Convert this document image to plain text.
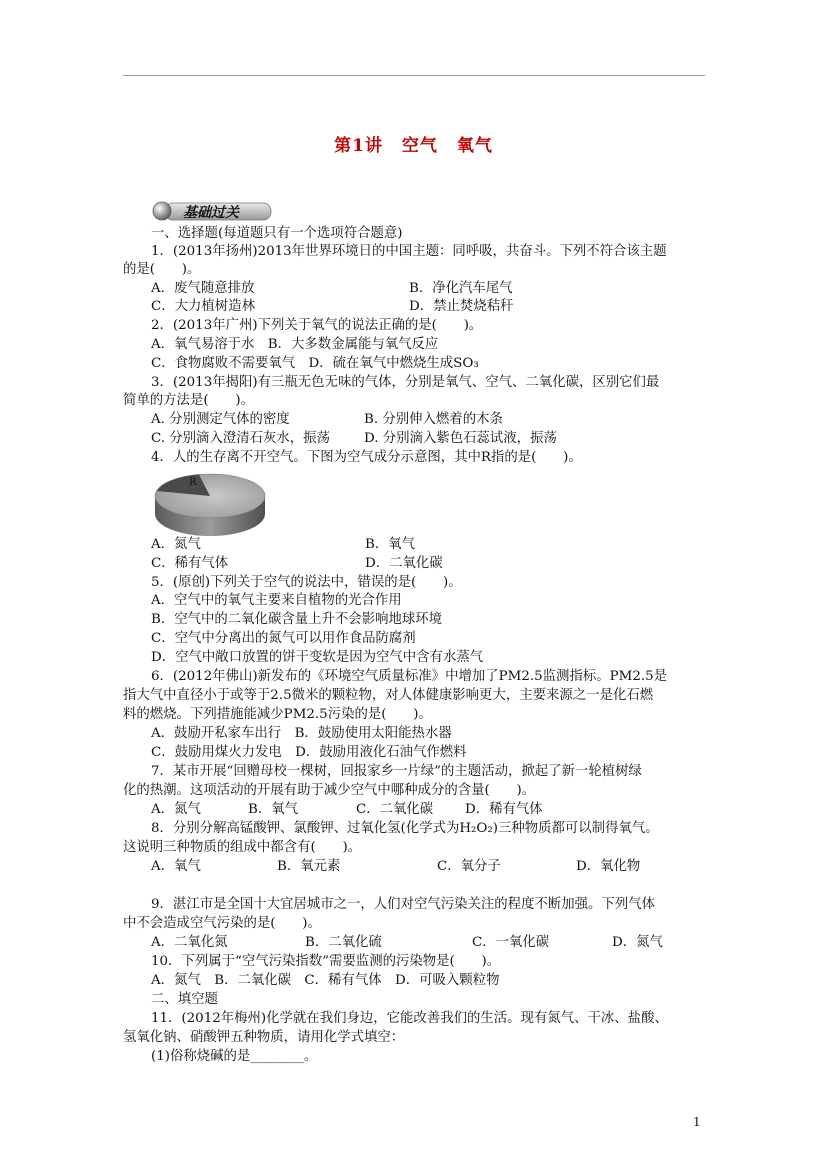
第1讲 空气 氧气
基础过关
一、选择题(每道题只有一个选项符合题意)
1．(2013年扬州)2013年世界环境日的中国主题：同呼吸，共奋斗。下列不符合该主题
的是(　　)。
A．废气随意排放	B．净化汽车尾气
C．大力植树造林	D．禁止焚烧秸秆
2．(2013年广州)下列关于氧气的说法正确的是(　　)。
A．氧气易溶于水　B．大多数金属能与氧气反应
C．食物腐败不需要氧气　D．硫在氧气中燃烧生成SO₃
3．(2013年揭阳)有三瓶无色无味的气体，分别是氧气、空气、二氧化碳，区别它们最
简单的方法是(　　)。
A. 分别测定气体的密度	B. 分别伸入燃着的木条
C. 分别滴入澄清石灰水，振荡	D. 分别滴入紫色石蕊试液，振荡
4．人的生存离不开空气。下图为空气成分示意图，其中R指的是(　　)。
R
A．氮气	B．氧气
C．稀有气体	D．二氧化碳
5．(原创)下列关于空气的说法中，错误的是(　　)。
A．空气中的氧气主要来自植物的光合作用
B．空气中的二氧化碳含量上升不会影响地球环境
C．空气中分离出的氮气可以用作食品防腐剂
D．空气中敞口放置的饼干变软是因为空气中含有水蒸气
6．(2012年佛山)新发布的《环境空气质量标准》中增加了PM2.5监测指标。PM2.5是
指大气中直径小于或等于2.5微米的颗粒物，对人体健康影响更大，主要来源之一是化石燃
料的燃烧。下列措施能减少PM2.5污染的是(　　)。
A．鼓励开私家车出行　B．鼓励使用太阳能热水器
C．鼓励用煤火力发电　D．鼓励用液化石油气作燃料
7．某市开展“回赠母校一棵树，回报家乡一片绿”的主题活动，掀起了新一轮植树绿
化的热潮。这项活动的开展有助于减少空气中哪种成分的含量(　　)。
A．氮气	B．氧气	C．二氧化碳 D．稀有气体
8．分别分解高锰酸钾、氯酸钾、过氧化氢(化学式为H₂O₂)三种物质都可以制得氧气。
这说明三种物质的组成中都含有(　　)。
A．氧气	B．氧元素	C．氧分子	D．氧化物
9．湛江市是全国十大宜居城市之一，人们对空气污染关注的程度不断加强。下列气体
中不会造成空气污染的是(　　)。
A．二氧化氮	B．二氧化硫	C．一氧化碳	D．氮气
10．下列属于“空气污染指数”需要监测的污染物是(　　)。
A．氮气　B．二氧化碳　C．稀有气体　D．可吸入颗粒物
二、填空题
11．(2012年梅州)化学就在我们身边，它能改善我们的生活。现有氮气、干冰、盐酸、
氢氧化钠、硝酸钾五种物质，请用化学式填空：
(1)俗称烧碱的是________。
1
